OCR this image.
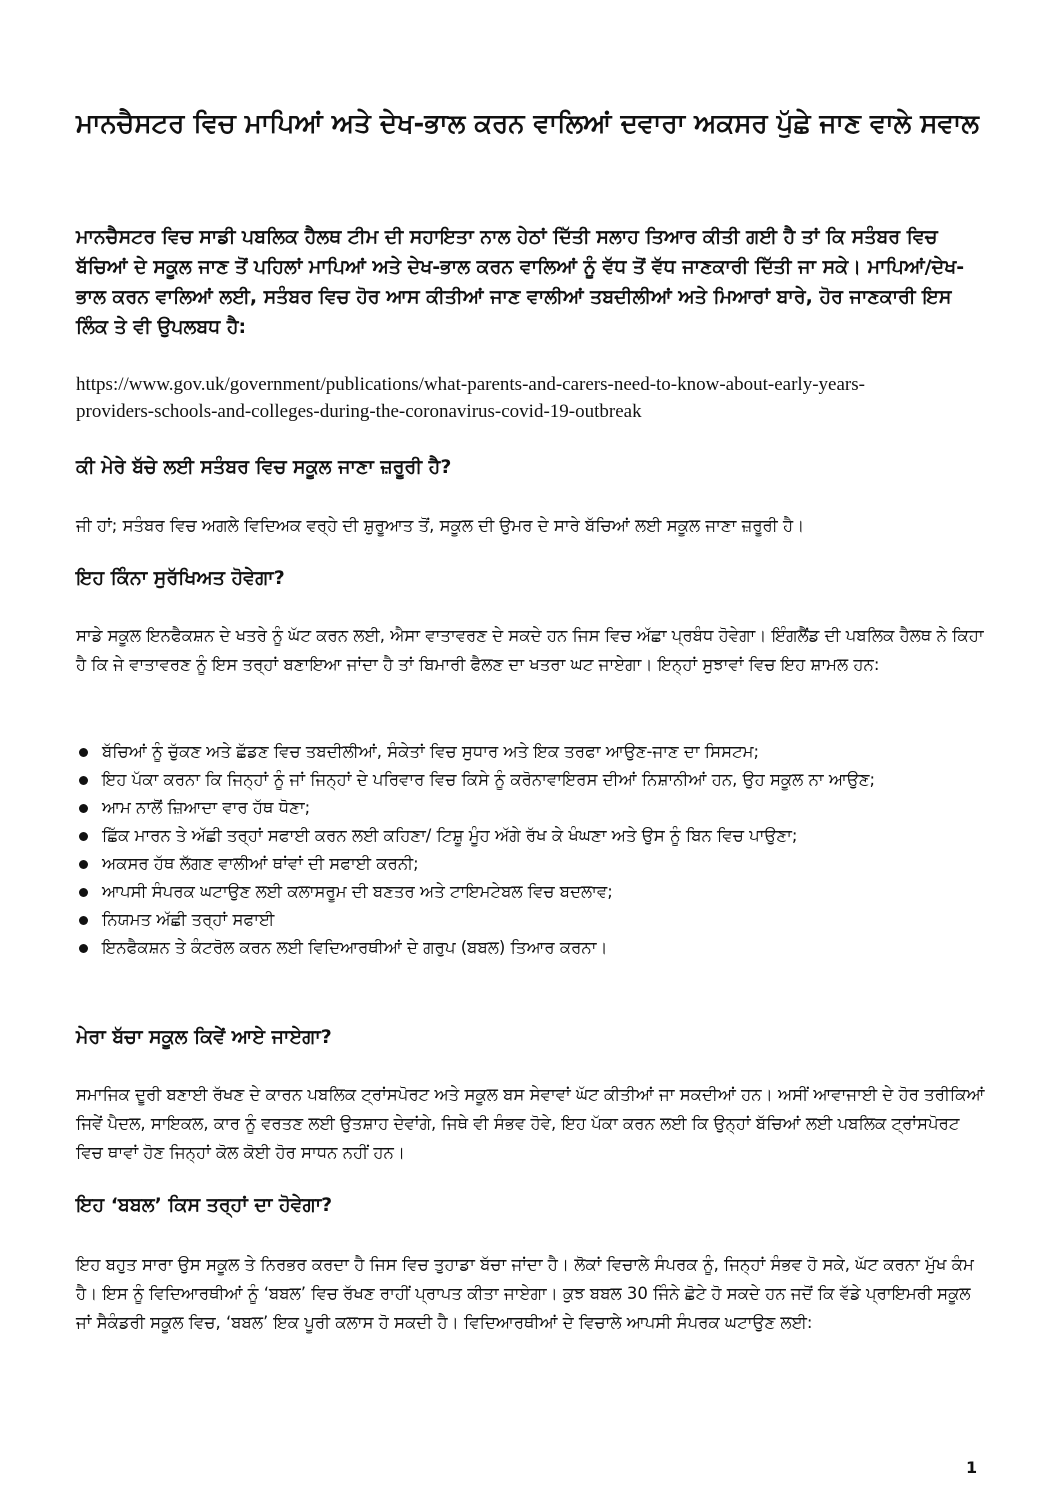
ਮਾਨਚੈਸਟਰ ਵਿਚ ਮਾਪਿਆਂ ਅਤੇ ਦੇਖ-ਭਾਲ ਕਰਨ ਵਾਲਿਆਂ ਦਵਾਰਾ ਅਕਸਰ ਪੁੱਛੇ ਜਾਣ ਵਾਲੇ ਸਵਾਲ

ਮਾਨਚੈਸਟਰ ਵਿਚ ਸਾਡੀ ਪਬਲਿਕ ਹੈਲਥ ਟੀਮ ਦੀ ਸਹਾਇਤਾ ਨਾਲ ਹੇਠਾਂ ਦਿੱਤੀ ਸਲਾਹ ਤਿਆਰ ਕੀਤੀ ਗਈ ਹੈ ਤਾਂ ਕਿ ਸਤੰਬਰ ਵਿਚ ਬੱਚਿਆਂ ਦੇ ਸਕੂਲ ਜਾਣ ਤੋਂ ਪਹਿਲਾਂ ਮਾਪਿਆਂ ਅਤੇ ਦੇਖ-ਭਾਲ ਕਰਨ ਵਾਲਿਆਂ ਨੂੰ ਵੱਧ ਤੋਂ ਵੱਧ ਜਾਣਕਾਰੀ ਦਿੱਤੀ ਜਾ ਸਕੇ। ਮਾਪਿਆਂ/ਦੇਖ-ਭਾਲ ਕਰਨ ਵਾਲਿਆਂ ਲਈ, ਸਤੰਬਰ ਵਿਚ ਹੋਰ ਆਸ ਕੀਤੀਆਂ ਜਾਣ ਵਾਲੀਆਂ ਤਬਦੀਲੀਆਂ ਅਤੇ ਮਿਆਰਾਂ ਬਾਰੇ, ਹੋਰ ਜਾਣਕਾਰੀ ਇਸ ਲਿੰਕ ਤੇ ਵੀ ਉਪਲਬਧ ਹੈ:

https://www.gov.uk/government/publications/what-parents-and-carers-need-to-know-about-early-years-
providers-schools-and-colleges-during-the-coronavirus-covid-19-outbreak
ਕੀ ਮੇਰੇ ਬੱਚੇ ਲਈ ਸਤੰਬਰ ਵਿਚ ਸਕੂਲ ਜਾਣਾ ਜ਼ਰੂਰੀ ਹੈ?

ਜੀ ਹਾਂ; ਸਤੰਬਰ ਵਿਚ ਅਗਲੇ ਵਿਦਿਅਕ ਵਰ੍ਹੇ ਦੀ ਸ਼ੁਰੂਆਤ ਤੋਂ, ਸਕੂਲ ਦੀ ਉਮਰ ਦੇ ਸਾਰੇ ਬੱਚਿਆਂ ਲਈ ਸਕੂਲ ਜਾਣਾ ਜ਼ਰੂਰੀ ਹੈ।

ਇਹ ਕਿੰਨਾ ਸੁਰੱਖਿਅਤ ਹੋਵੇਗਾ?

ਸਾਡੇ ਸਕੂਲ ਇਨਫੈਕਸ਼ਨ ਦੇ ਖਤਰੇ ਨੂੰ ਘੱਟ ਕਰਨ ਲਈ, ਐਸਾ ਵਾਤਾਵਰਣ ਦੇ ਸਕਦੇ ਹਨ ਜਿਸ ਵਿਚ ਅੱਛਾ ਪ੍ਰਬੰਧ ਹੋਵੇਗਾ। ਇੰਗਲੈਂਡ ਦੀ ਪਬਲਿਕ ਹੈਲਥ ਨੇ ਕਿਹਾ ਹੈ ਕਿ ਜੇ ਵਾਤਾਵਰਣ ਨੂੰ ਇਸ ਤਰ੍ਹਾਂ ਬਣਾਇਆ ਜਾਂਦਾ ਹੈ ਤਾਂ ਬਿਮਾਰੀ ਫੈਲਣ ਦਾ ਖਤਰਾ ਘਟ ਜਾਏਗਾ। ਇਨ੍ਹਾਂ ਸੁਝਾਵਾਂ ਵਿਚ ਇਹ ਸ਼ਾਮਲ ਹਨ:

ਬੱਚਿਆਂ ਨੂੰ ਚੁੱਕਣ ਅਤੇ ਛੱਡਣ ਵਿਚ ਤਬਦੀਲੀਆਂ, ਸੰਕੇਤਾਂ ਵਿਚ ਸੁਧਾਰ ਅਤੇ ਇਕ ਤਰਫਾ ਆਉਣ-ਜਾਣ ਦਾ ਸਿਸਟਮ;
ਇਹ ਪੱਕਾ ਕਰਨਾ ਕਿ ਜਿਨ੍ਹਾਂ ਨੂੰ ਜਾਂ ਜਿਨ੍ਹਾਂ ਦੇ ਪਰਿਵਾਰ ਵਿਚ ਕਿਸੇ ਨੂੰ ਕਰੋਨਾਵਾਇਰਸ ਦੀਆਂ ਨਿਸ਼ਾਨੀਆਂ ਹਨ, ਉਹ ਸਕੂਲ ਨਾ ਆਉਣ;
ਆਮ ਨਾਲੋਂ ਜ਼ਿਆਦਾ ਵਾਰ ਹੱਥ ਧੋਣਾ;
ਛਿੱਕ ਮਾਰਨ ਤੇ ਅੱਛੀ ਤਰ੍ਹਾਂ ਸਫਾਈ ਕਰਨ ਲਈ ਕਹਿਣਾ/ ਟਿਸ਼ੂ ਮੂੰਹ ਅੱਗੇ ਰੱਖ ਕੇ ਖੰਘਣਾ ਅਤੇ ਉਸ ਨੂੰ ਬਿਨ ਵਿਚ ਪਾਉਣਾ;
ਅਕਸਰ ਹੱਥ ਲੱਗਣ ਵਾਲੀਆਂ ਥਾਂਵਾਂ ਦੀ ਸਫਾਈ ਕਰਨੀ;
ਆਪਸੀ ਸੰਪਰਕ ਘਟਾਉਣ ਲਈ ਕਲਾਸਰੂਮ ਦੀ ਬਣਤਰ ਅਤੇ ਟਾਇਮਟੇਬਲ ਵਿਚ ਬਦਲਾਵ;
ਨਿਯਮਤ ਅੱਛੀ ਤਰ੍ਹਾਂ ਸਫਾਈ
ਇਨਫੈਕਸ਼ਨ ਤੇ ਕੰਟਰੋਲ ਕਰਨ ਲਈ ਵਿਦਿਆਰਥੀਆਂ ਦੇ ਗਰੁਪ (ਬਬਲ) ਤਿਆਰ ਕਰਨਾ।
ਮੇਰਾ ਬੱਚਾ ਸਕੂਲ ਕਿਵੇਂ ਆਏ ਜਾਏਗਾ?

ਸਮਾਜਿਕ ਦੂਰੀ ਬਣਾਈ ਰੱਖਣ ਦੇ ਕਾਰਨ ਪਬਲਿਕ ਟ੍ਰਾਂਸਪੋਰਟ ਅਤੇ ਸਕੂਲ ਬਸ ਸੇਵਾਵਾਂ ਘੱਟ ਕੀਤੀਆਂ ਜਾ ਸਕਦੀਆਂ ਹਨ। ਅਸੀਂ ਆਵਾਜਾਈ ਦੇ ਹੋਰ ਤਰੀਕਿਆਂ ਜਿਵੇਂ ਪੈਦਲ, ਸਾਇਕਲ, ਕਾਰ ਨੂੰ ਵਰਤਣ ਲਈ ਉਤਸ਼ਾਹ ਦੇਵਾਂਗੇ, ਜਿਥੇ ਵੀ ਸੰਭਵ ਹੋਵੇ, ਇਹ ਪੱਕਾ ਕਰਨ ਲਈ ਕਿ ਉਨ੍ਹਾਂ ਬੱਚਿਆਂ ਲਈ ਪਬਲਿਕ ਟ੍ਰਾਂਸਪੋਰਟ ਵਿਚ ਥਾਵਾਂ ਹੋਣ ਜਿਨ੍ਹਾਂ ਕੋਲ ਕੋਈ ਹੋਰ ਸਾਧਨ ਨਹੀਂ ਹਨ।

ਇਹ ‘ਬਬਲ’ ਕਿਸ ਤਰ੍ਹਾਂ ਦਾ ਹੋਵੇਗਾ?

ਇਹ ਬਹੁਤ ਸਾਰਾ ਉਸ ਸਕੂਲ ਤੇ ਨਿਰਭਰ ਕਰਦਾ ਹੈ ਜਿਸ ਵਿਚ ਤੁਹਾਡਾ ਬੱਚਾ ਜਾਂਦਾ ਹੈ। ਲੋਕਾਂ ਵਿਚਾਲੇ ਸੰਪਰਕ ਨੂੰ, ਜਿਨ੍ਹਾਂ ਸੰਭਵ ਹੋ ਸਕੇ, ਘੱਟ ਕਰਨਾ ਮੁੱਖ ਕੰਮ ਹੈ। ਇਸ ਨੂੰ ਵਿਦਿਆਰਥੀਆਂ ਨੂੰ ‘ਬਬਲ’ ਵਿਚ ਰੱਖਣ ਰਾਹੀਂ ਪ੍ਰਾਪਤ ਕੀਤਾ ਜਾਏਗਾ। ਕੁਝ ਬਬਲ 30 ਜਿੰਨੇ ਛੋਟੇ ਹੋ ਸਕਦੇ ਹਨ ਜਦੋਂ ਕਿ ਵੱਡੇ ਪ੍ਰਾਇਮਰੀ ਸਕੂਲ ਜਾਂ ਸੈਕੰਡਰੀ ਸਕੂਲ ਵਿਚ, ‘ਬਬਲ’ ਇਕ ਪੂਰੀ ਕਲਾਸ ਹੋ ਸਕਦੀ ਹੈ। ਵਿਦਿਆਰਥੀਆਂ ਦੇ ਵਿਚਾਲੇ ਆਪਸੀ ਸੰਪਰਕ ਘਟਾਉਣ ਲਈ:

1
